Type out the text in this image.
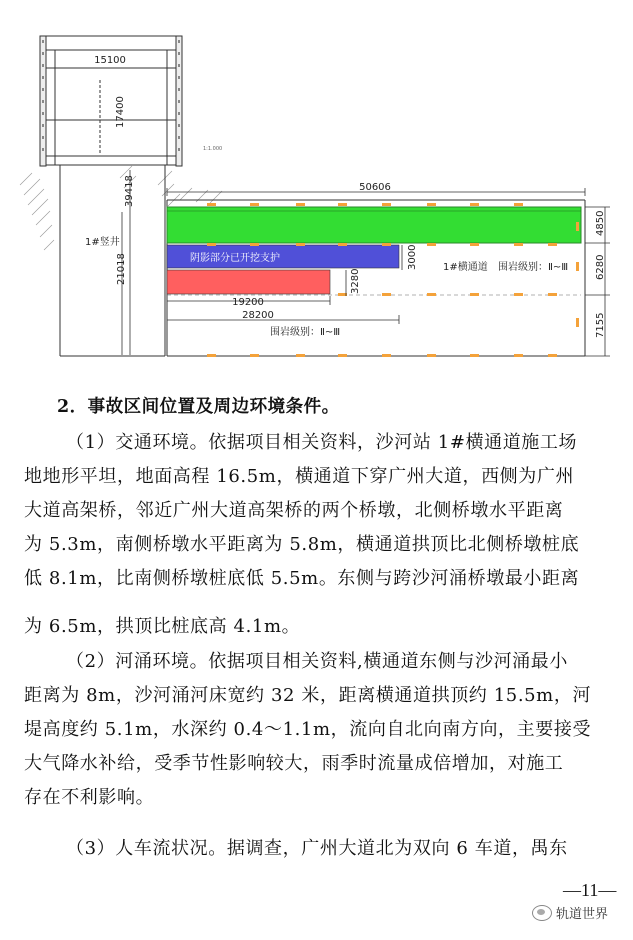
15100
17400
1:1.000
39418
21018
1#竖井
50606
阴影部分已开挖支护
4850
6280
7155
3000
3280
1#横通道 围岩级别：Ⅱ~Ⅲ
19200
28200
围岩级别：Ⅱ~Ⅲ
2．事故区间位置及周边环境条件。
（1）交通环境。依据项目相关资料，沙河站 1#横通道施工场
地地形平坦，地面高程 16.5m，横通道下穿广州大道，西侧为广州
大道高架桥，邻近广州大道高架桥的两个桥墩，北侧桥墩水平距离
为 5.3m，南侧桥墩水平距离为 5.8m，横通道拱顶比北侧桥墩桩底
低 8.1m，比南侧桥墩桩底低 5.5m。东侧与跨沙河涌桥墩最小距离
为 6.5m，拱顶比桩底高 4.1m。
（2）河涌环境。依据项目相关资料,横通道东侧与沙河涌最小
距离为 8m，沙河涌河床宽约 32 米，距离横通道拱顶约 15.5m，河
堤高度约 5.1m，水深约 0.4～1.1m，流向自北向南方向，主要接受
大气降水补给，受季节性影响较大，雨季时流量成倍增加，对施工
存在不利影响。
（3）人车流状况。据调查，广州大道北为双向 6 车道，禺东
—11—
轨道世界
